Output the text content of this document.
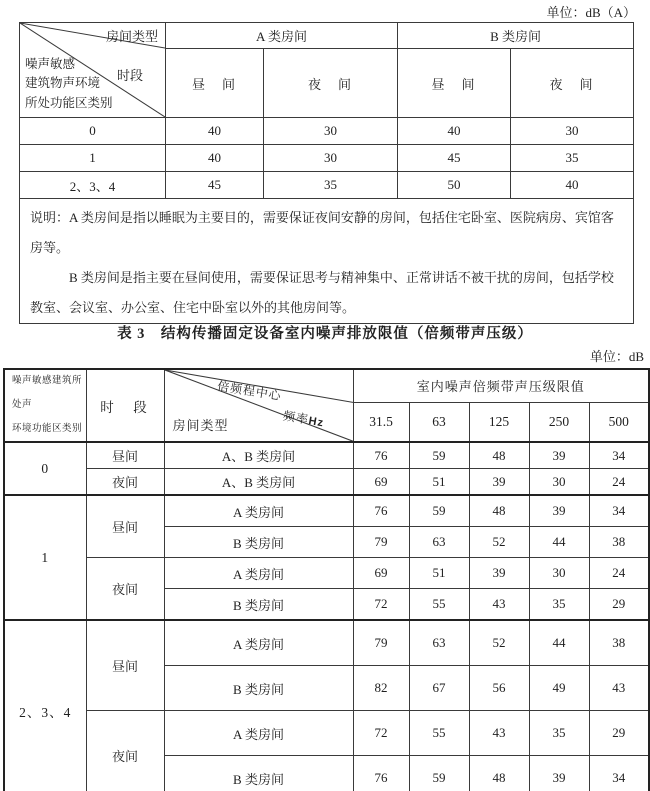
单位：dB（A）
房间类型
时段
噪声敏感
建筑物声环境
所处功能区类别	A 类房间		B 类房间	
	昼　间	夜　间	昼　间	夜　间
0	40	30	40	30
1	40	30	45	35
2、3、4	45	35	50	40

说明：A 类房间是指以睡眠为主要目的，需要保证夜间安静的房间，包括住宅卧室、医院病房、宾馆客房等。

B 类房间是指主要在昼间使用，需要保证思考与精神集中、正常讲话不被干扰的房间，包括学校教室、会议室、办公室、住宅中卧室以外的其他房间等。				

表 3　结构传播固定设备室内噪声排放限值（倍频带声压级）
单位：dB
噪声敏感建筑所处声
环境功能区类别	时　段	倍频程中心
频率Hz
房间类型	室内噪声倍频带声压级限值				
			31.5	63	125	250	500
0	昼间	A、B 类房间	76	59	48	39	34
	夜间	A、B 类房间	69	51	39	30	24
1	昼间	A 类房间	76	59	48	39	34
		B 类房间	79	63	52	44	38
	夜间	A 类房间	69	51	39	30	24
		B 类房间	72	55	43	35	29
2、3、4	昼间	A 类房间	79	63	52	44	38
		B 类房间	82	67	56	49	43
	夜间	A 类房间	72	55	43	35	29
		B 类房间	76	59	48	39	34
